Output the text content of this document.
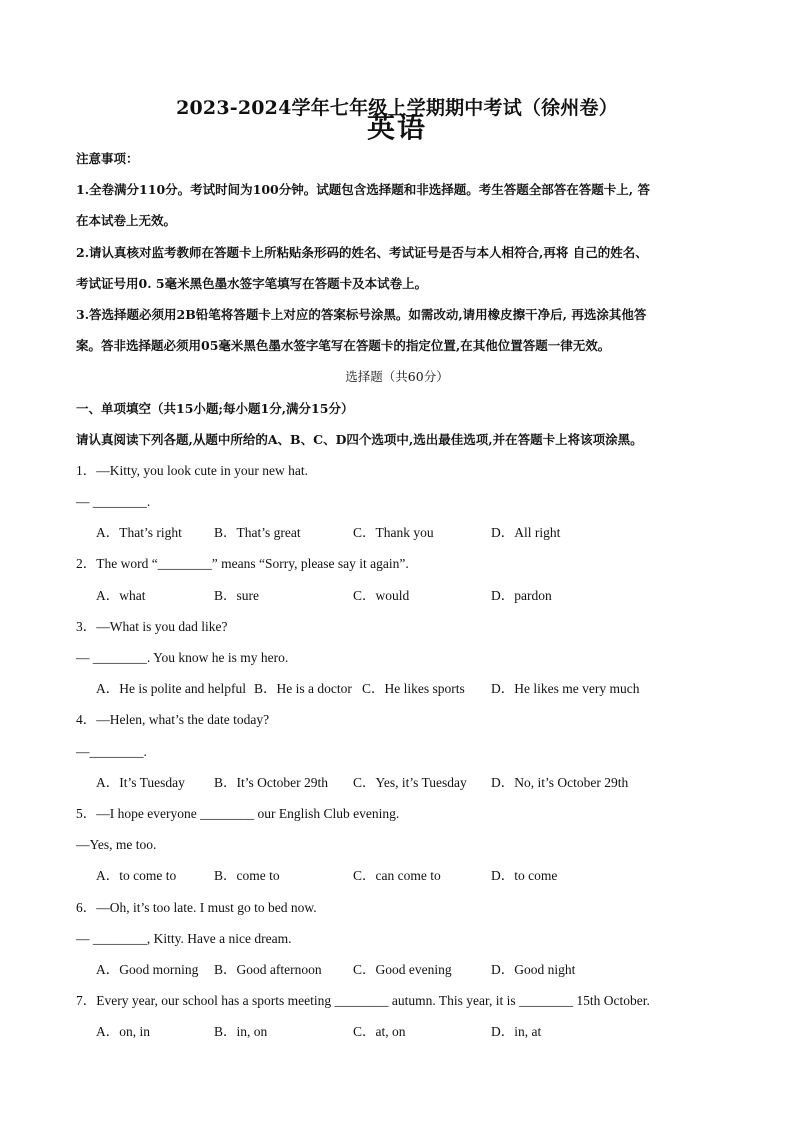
2023-2024学年七年级上学期期中考试（徐州卷）
英语
注意事项：
1.全卷满分110分。考试时间为100分钟。试题包含选择题和非选择题。考生答题全部答在答题卡上, 答
在本试卷上无效。
2.请认真核对监考教师在答题卡上所粘贴条形码的姓名、考试证号是否与本人相符合,再将 自己的姓名、
考试证号用0. 5毫米黑色墨水签字笔填写在答题卡及本试卷上。
3.答选择题必须用2B铅笔将答题卡上对应的答案标号涂黑。如需改动,请用橡皮擦干净后, 再选涂其他答
案。答非选择题必须用05毫米黑色墨水签字笔写在答题卡的指定位置,在其他位置答题一律无效。
选择题（共60分）
一、单项填空（共15小题;每小题1分,满分15分）
请认真阅读下列各题,从题中所给的A、B、C、D四个选项中,选出最佳选项,并在答题卡上将该项涂黑。
1．—Kitty, you look cute in your new hat.
— ________.
A．That’s right B．That’s great	C．Thank you	D．All right
2．The word “________” means “Sorry, please say it again”.
A．what	B．sure	C．would	D．pardon
3．—What is you dad like?
— ________. You know he is my hero.
A．He is polite and helpful B．He is a doctor C．He likes sports D．He likes me very much
4．—Helen, what’s the date today?
—________.
A．It’s Tuesday B．It’s October 29th C．Yes, it’s Tuesday D．No, it’s October 29th
5．—I hope everyone ________ our English Club evening.
—Yes, me too.
A．to come to	B．come to	C．can come to	D．to come
6．—Oh, it’s too late. I must go to bed now.
— ________, Kitty. Have a nice dream.
A．Good morning B．Good afternoon C．Good evening	D．Good night
7．Every year, our school has a sports meeting ________ autumn. This year, it is ________ 15th October.
A．on, in	B．in, on	C．at, on	D．in, at
